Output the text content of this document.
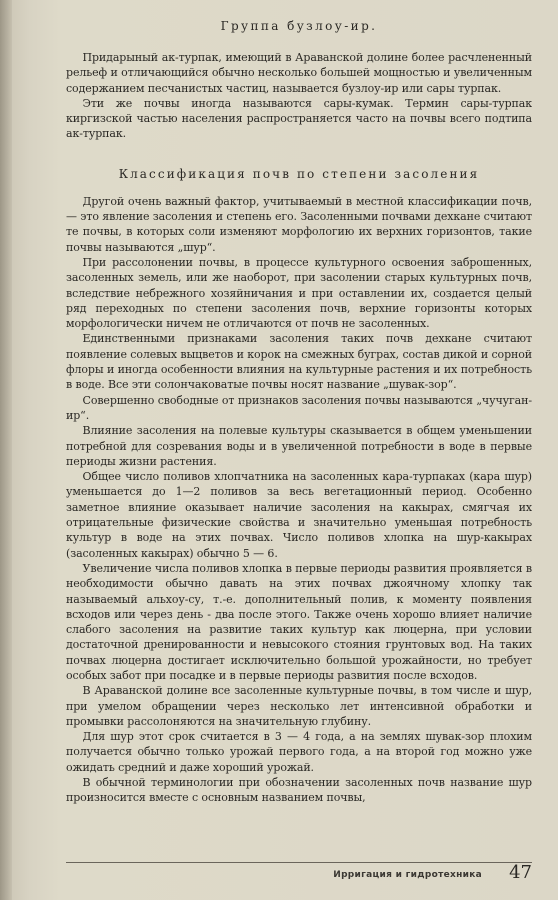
Группа бузлоу-ир.

Придарыный ак-турпак, имеющий в Араванской долине более расчлененный рельеф и отличающийся обычно несколько большей мощностью и увеличенным содержанием песчанистых частиц, называется бузлоу-ир или сары турпак.

Эти же почвы иногда называются сары-кумак. Термин сары-турпак киргизской частью населения распространяется часто на почвы всего подтипа ак-турпак.

Классификация почв по степени засоления

Другой очень важный фактор, учитываемый в местной классификации почв, — это явление засоления и степень его. Засоленными почвами дехкане считают те почвы, в которых соли изменяют морфологию их верхних горизонтов, такие почвы называются „шур“.

При рассолонении почвы, в процессе культурного освоения заброшенных, засоленных земель, или же наоборот, при засолении старых культурных почв, вследствие небрежного хозяйничания и при оставлении их, создается целый ряд переходных по степени засоления почв, верхние горизонты которых морфологически ничем не отличаются от почв не засоленных.

Единственными признаками засоления таких почв дехкане считают появление солевых выцветов и корок на смежных буграх, состав дикой и сорной флоры и иногда особенности влияния на культурные растения и их потребность в воде. Все эти солончаковатые почвы носят название „шувак-зор“.

Совершенно свободные от признаков засоления почвы называются „чучуган-ир“.

Влияние засоления на полевые культуры сказывается в общем уменьшении потребной для созревания воды и в увеличенной потребности в воде в первые периоды жизни растения.

Общее число поливов хлопчатника на засоленных кара-турпаках (кара шур) уменьшается до 1—2 поливов за весь вегетационный период. Особенно заметное влияние оказывает наличие засоления на какырах, смягчая их отрицательные физические свойства и значительно уменьшая потребность культур в воде на этих почвах. Число поливов хлопка на шур-какырах (засоленных какырах) обычно 5 — 6.

Увеличение числа поливов хлопка в первые периоды развития проявляется в необходимости обычно давать на этих почвах джоячному хлопку так называемый альхоу-су, т.-е. дополнительный полив, к моменту появления всходов или через день - два после этого. Также очень хорошо влияет наличие слабого засоления на развитие таких культур как люцерна, при условии достаточной дренированности и невысокого стояния грунтовых вод. На таких почвах люцерна достигает исключительно большой урожайности, но требует особых забот при посадке и в первые периоды развития после всходов.

В Араванской долине все засоленные культурные почвы, в том числе и шур, при умелом обращении через несколько лет интенсивной обработки и промывки рассолоняются на значительную глубину.

Для шур этот срок считается в 3 — 4 года, а на землях шувак-зор плохим получается обычно только урожай первого года, а на второй год можно уже ожидать средний и даже хороший урожай.

В обычной терминологии при обозначении засоленных почв название шур произносится вместе с основным названием почвы,

Ирригация и гидротехника 47
